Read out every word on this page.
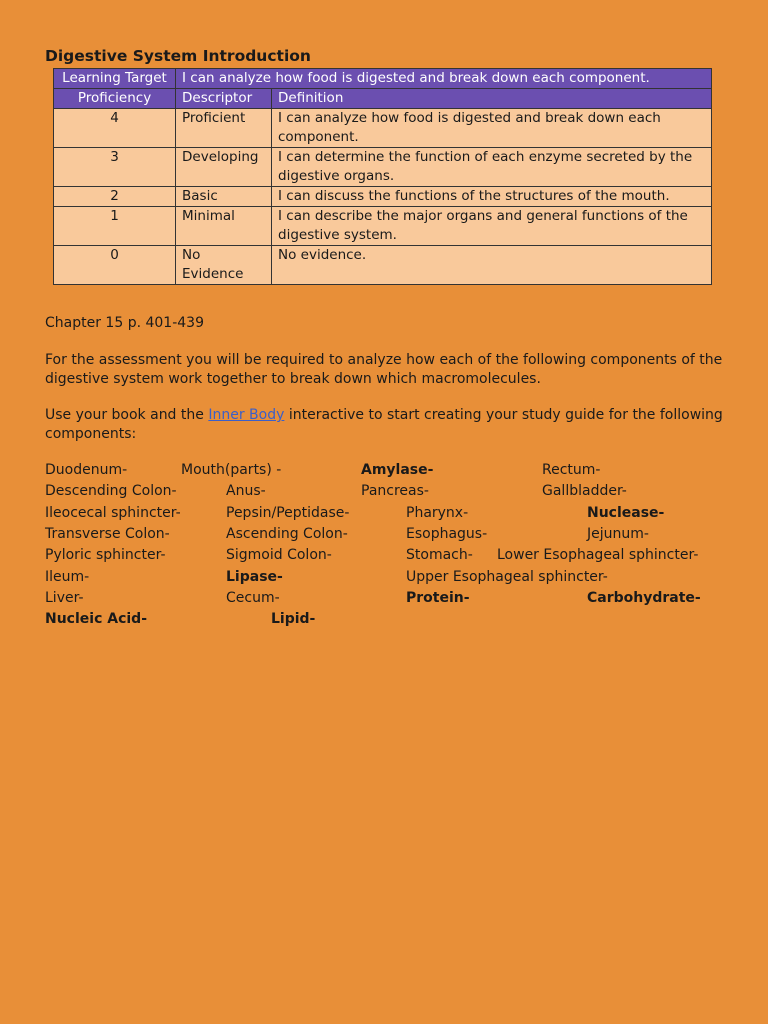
Digestive System Introduction
Learning Target	I can analyze how food is digested and break down each component.	
Proficiency	Descriptor	Definition
4	Proficient	I can analyze how food is digested and break down each component.
3	Developing	I can determine the function of each enzyme secreted by the digestive organs.
2	Basic	I can discuss the functions of the structures of the mouth.
1	Minimal	I can describe the major organs and general functions of the digestive system.
0	No Evidence	No evidence.

Chapter 15 p. 401-439

For the assessment you will be required to analyze how each of the following components of the digestive system work together to break down which macromolecules.

Use your book and the Inner Body interactive to start creating your study guide for the following components:

Duodenum-	Mouth(parts) -	Amylase-	Rectum-
Descending Colon-	Anus-	Pancreas-	Gallbladder-
Ileocecal sphincter-	Pepsin/Peptidase-	Pharynx-	Nuclease-
Transverse Colon-	Ascending Colon-	Esophagus-	Jejunum-
Pyloric sphincter-	Sigmoid Colon-	Stomach- Lower Esophageal sphincter-
Ileum-	Lipase-	Upper Esophageal sphincter-
Liver-	Cecum-	Protein-	Carbohydrate-
Nucleic Acid-	Lipid-
